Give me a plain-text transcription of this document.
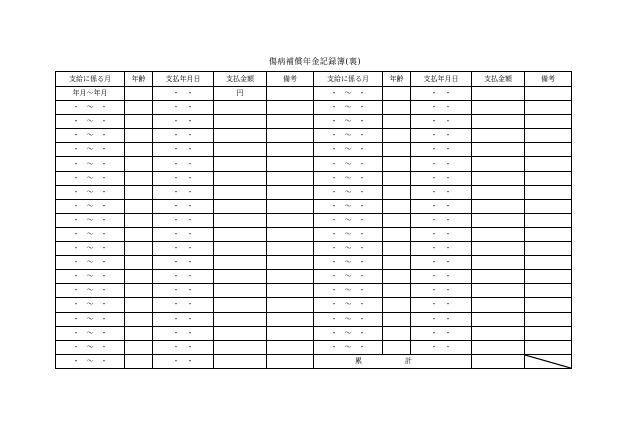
傷病補償年金記録簿(裏)
支給に係る月	年齢	支払年月日	支払金額	備考	支給に係る月	年齢	支払年月日	支払金額	備考
年月～年月		・　・	円		・　～　・		・　・		
・　～　・		・　・			・　～　・		・　・		
・　～　・		・　・			・　～　・		・　・		
・　～　・		・　・			・　～　・		・　・		
・　～　・		・　・			・　～　・		・　・		
・　～　・		・　・			・　～　・		・　・		
・　～　・		・　・			・　～　・		・　・		
・　～　・		・　・			・　～　・		・　・		
・　～　・		・　・			・　～　・		・　・		
・　～　・		・　・			・　～　・		・　・		
・　～　・		・　・			・　～　・		・　・		
・　～　・		・　・			・　～　・		・　・		
・　～　・		・　・			・　～　・		・　・		
・　～　・		・　・			・　～　・		・　・		
・　～　・		・　・			・　～　・		・　・		
・　～　・		・　・			・　～　・		・　・		
・　～　・		・　・			・　～　・		・　・		
・　～　・		・　・			・　～　・		・　・		
・　～　・		・　・			・　～　・		・　・		
・　～　・		・　・			累　計		
